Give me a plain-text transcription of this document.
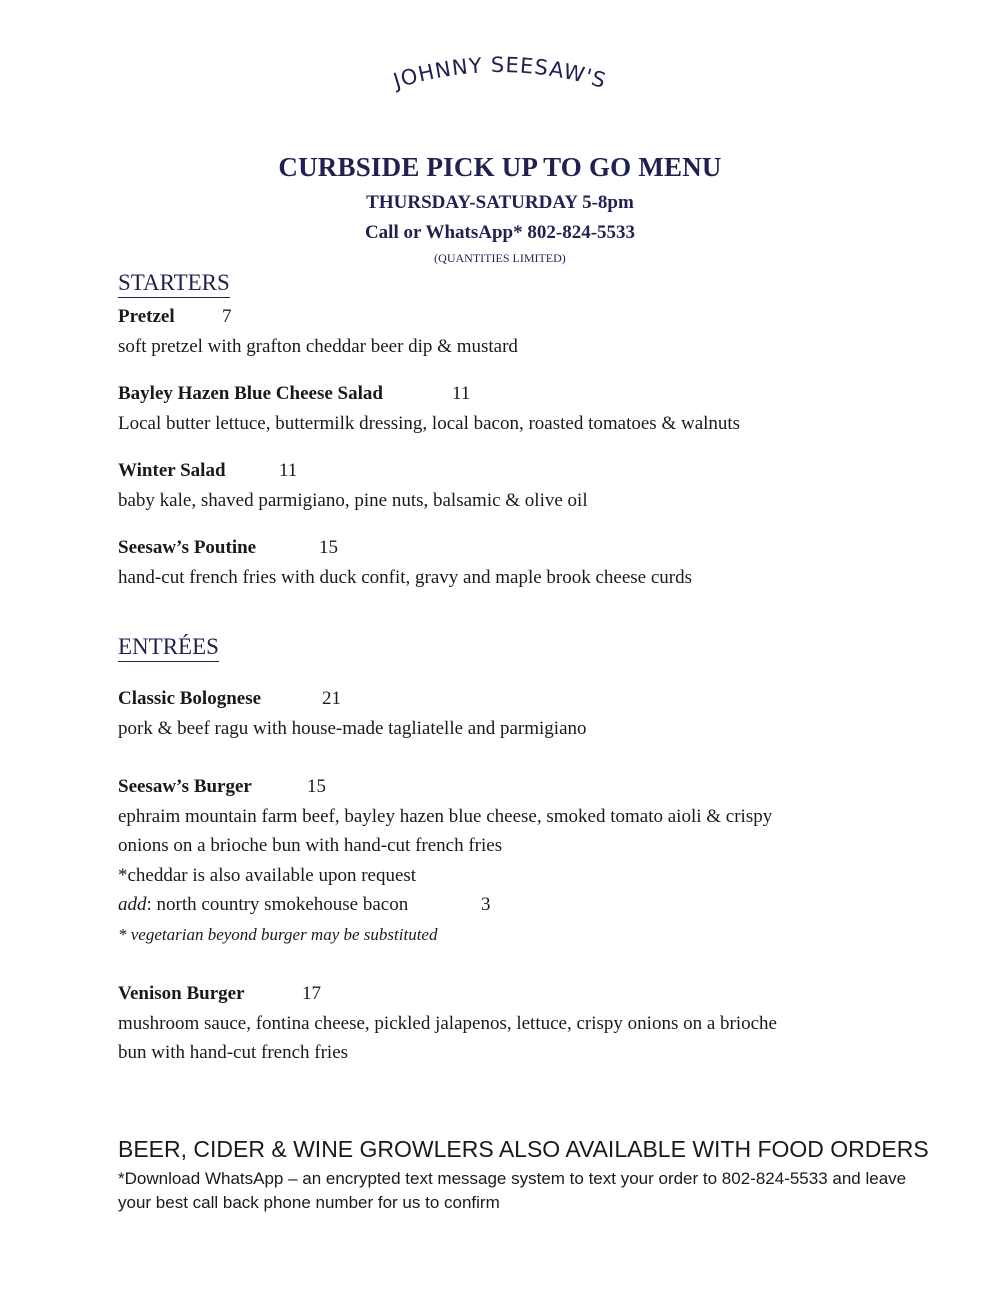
JOHNNY SEESAW'S
CURBSIDE PICK UP TO GO MENU
THURSDAY-SATURDAY 5-8pm
Call or WhatsApp* 802-824-5533
(QUANTITIES LIMITED)
STARTERS
Pretzel 7
soft pretzel with grafton cheddar beer dip & mustard
Bayley Hazen Blue Cheese Salad	11
Local butter lettuce, buttermilk dressing, local bacon, roasted tomatoes & walnuts
Winter Salad	11
baby kale, shaved parmigiano, pine nuts, balsamic & olive oil
Seesaw’s Poutine	15
hand-cut french fries with duck confit, gravy and maple brook cheese curds
ENTRÉES
Classic Bolognese	21
pork & beef ragu with house-made tagliatelle and parmigiano
Seesaw’s Burger	15
ephraim mountain farm beef, bayley hazen blue cheese, smoked tomato aioli & crispy
onions on a brioche bun with hand-cut french fries
*cheddar is also available upon request
add: north country smokehouse bacon	3
* vegetarian beyond burger may be substituted
Venison Burger	17
mushroom sauce, fontina cheese, pickled jalapenos, lettuce, crispy onions on a brioche
bun with hand-cut french fries
BEER, CIDER & WINE GROWLERS ALSO AVAILABLE WITH FOOD ORDERS
*Download WhatsApp – an encrypted text message system to text your order to 802-824-5533 and leave your best call back phone number for us to confirm
